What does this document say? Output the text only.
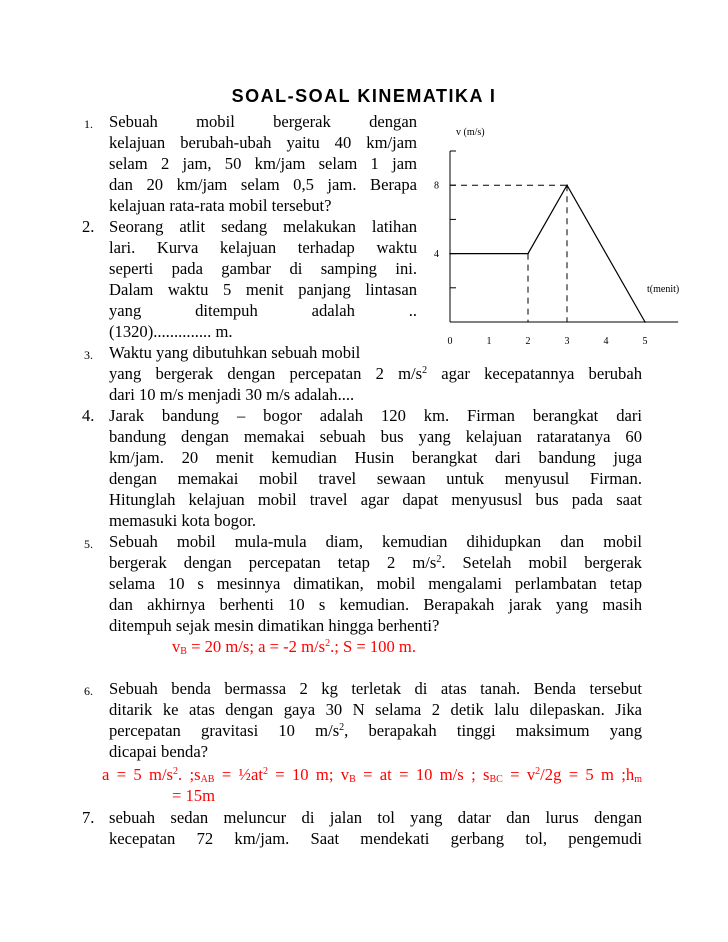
SOAL-SOAL KINEMATIKA I
1. Sebuah mobil bergerak dengan
kelajuan berubah-ubah yaitu 40 km/jam
selam 2 jam, 50 km/jam selam 1 jam
dan 20 km/jam selam 0,5 jam. Berapa
kelajuan rata-rata mobil tersebut?
2. Seorang atlit sedang melakukan latihan
lari. Kurva kelajuan terhadap waktu
seperti pada gambar di samping ini.
Dalam waktu 5 menit panjang lintasan
yang ditempuh adalah ..
(1320).............. m.
3. Waktu yang dibutuhkan sebuah mobil
yang bergerak dengan percepatan 2 $m/s^2$ agar kecepatannya berubah
dari 10 m/s menjadi 30 m/s adalah....
4. Jarak bandung – bogor adalah 120 km. Firman berangkat dari
bandung dengan memakai sebuah bus yang kelajuan rataratanya 60
km/jam. 20 menit kemudian Husin berangkat dari bandung juga
dengan memakai mobil travel sewaan untuk menyusul Firman.
Hitunglah kelajuan mobil travel agar dapat menyususl bus pada saat
memasuki kota bogor.
5. Sebuah mobil mula-mula diam, kemudian dihidupkan dan mobil
bergerak dengan percepatan tetap 2 $m/s^2$. Setelah mobil bergerak
selama 10 s mesinnya dimatikan, mobil mengalami perlambatan tetap
dan akhirnya berhenti 10 s kemudian. Berapakah jarak yang masih
ditempuh sejak mesin dimatikan hingga berhenti?
$v_B = 20$ m/s; a = -2 $m/s^2$.; S = 100 m.
6. Sebuah benda bermassa 2 kg terletak di atas tanah. Benda tersebut
ditarik ke atas dengan gaya 30 N selama 2 detik lalu dilepaskan. Jika
percepatan gravitasi 10 $m/s^2$, berapakah tinggi maksimum yang
dicapai benda?
a = 5 $m/s^2$. $;s_{AB}$ = $\frac{1}{2}at^2 = 10$ m; $v_B$ = at = 10 m/s ; $s_{BC} = v^2/2g = 5$ m $;h_m$
= 15m
7. sebuah sedan meluncur di jalan tol yang datar dan lurus dengan
kecepatan 72 km/jam. Saat mendekati gerbang tol, pengemudi
4
8
0	1	2	3	4	5
v (m/s)
t(menit)
